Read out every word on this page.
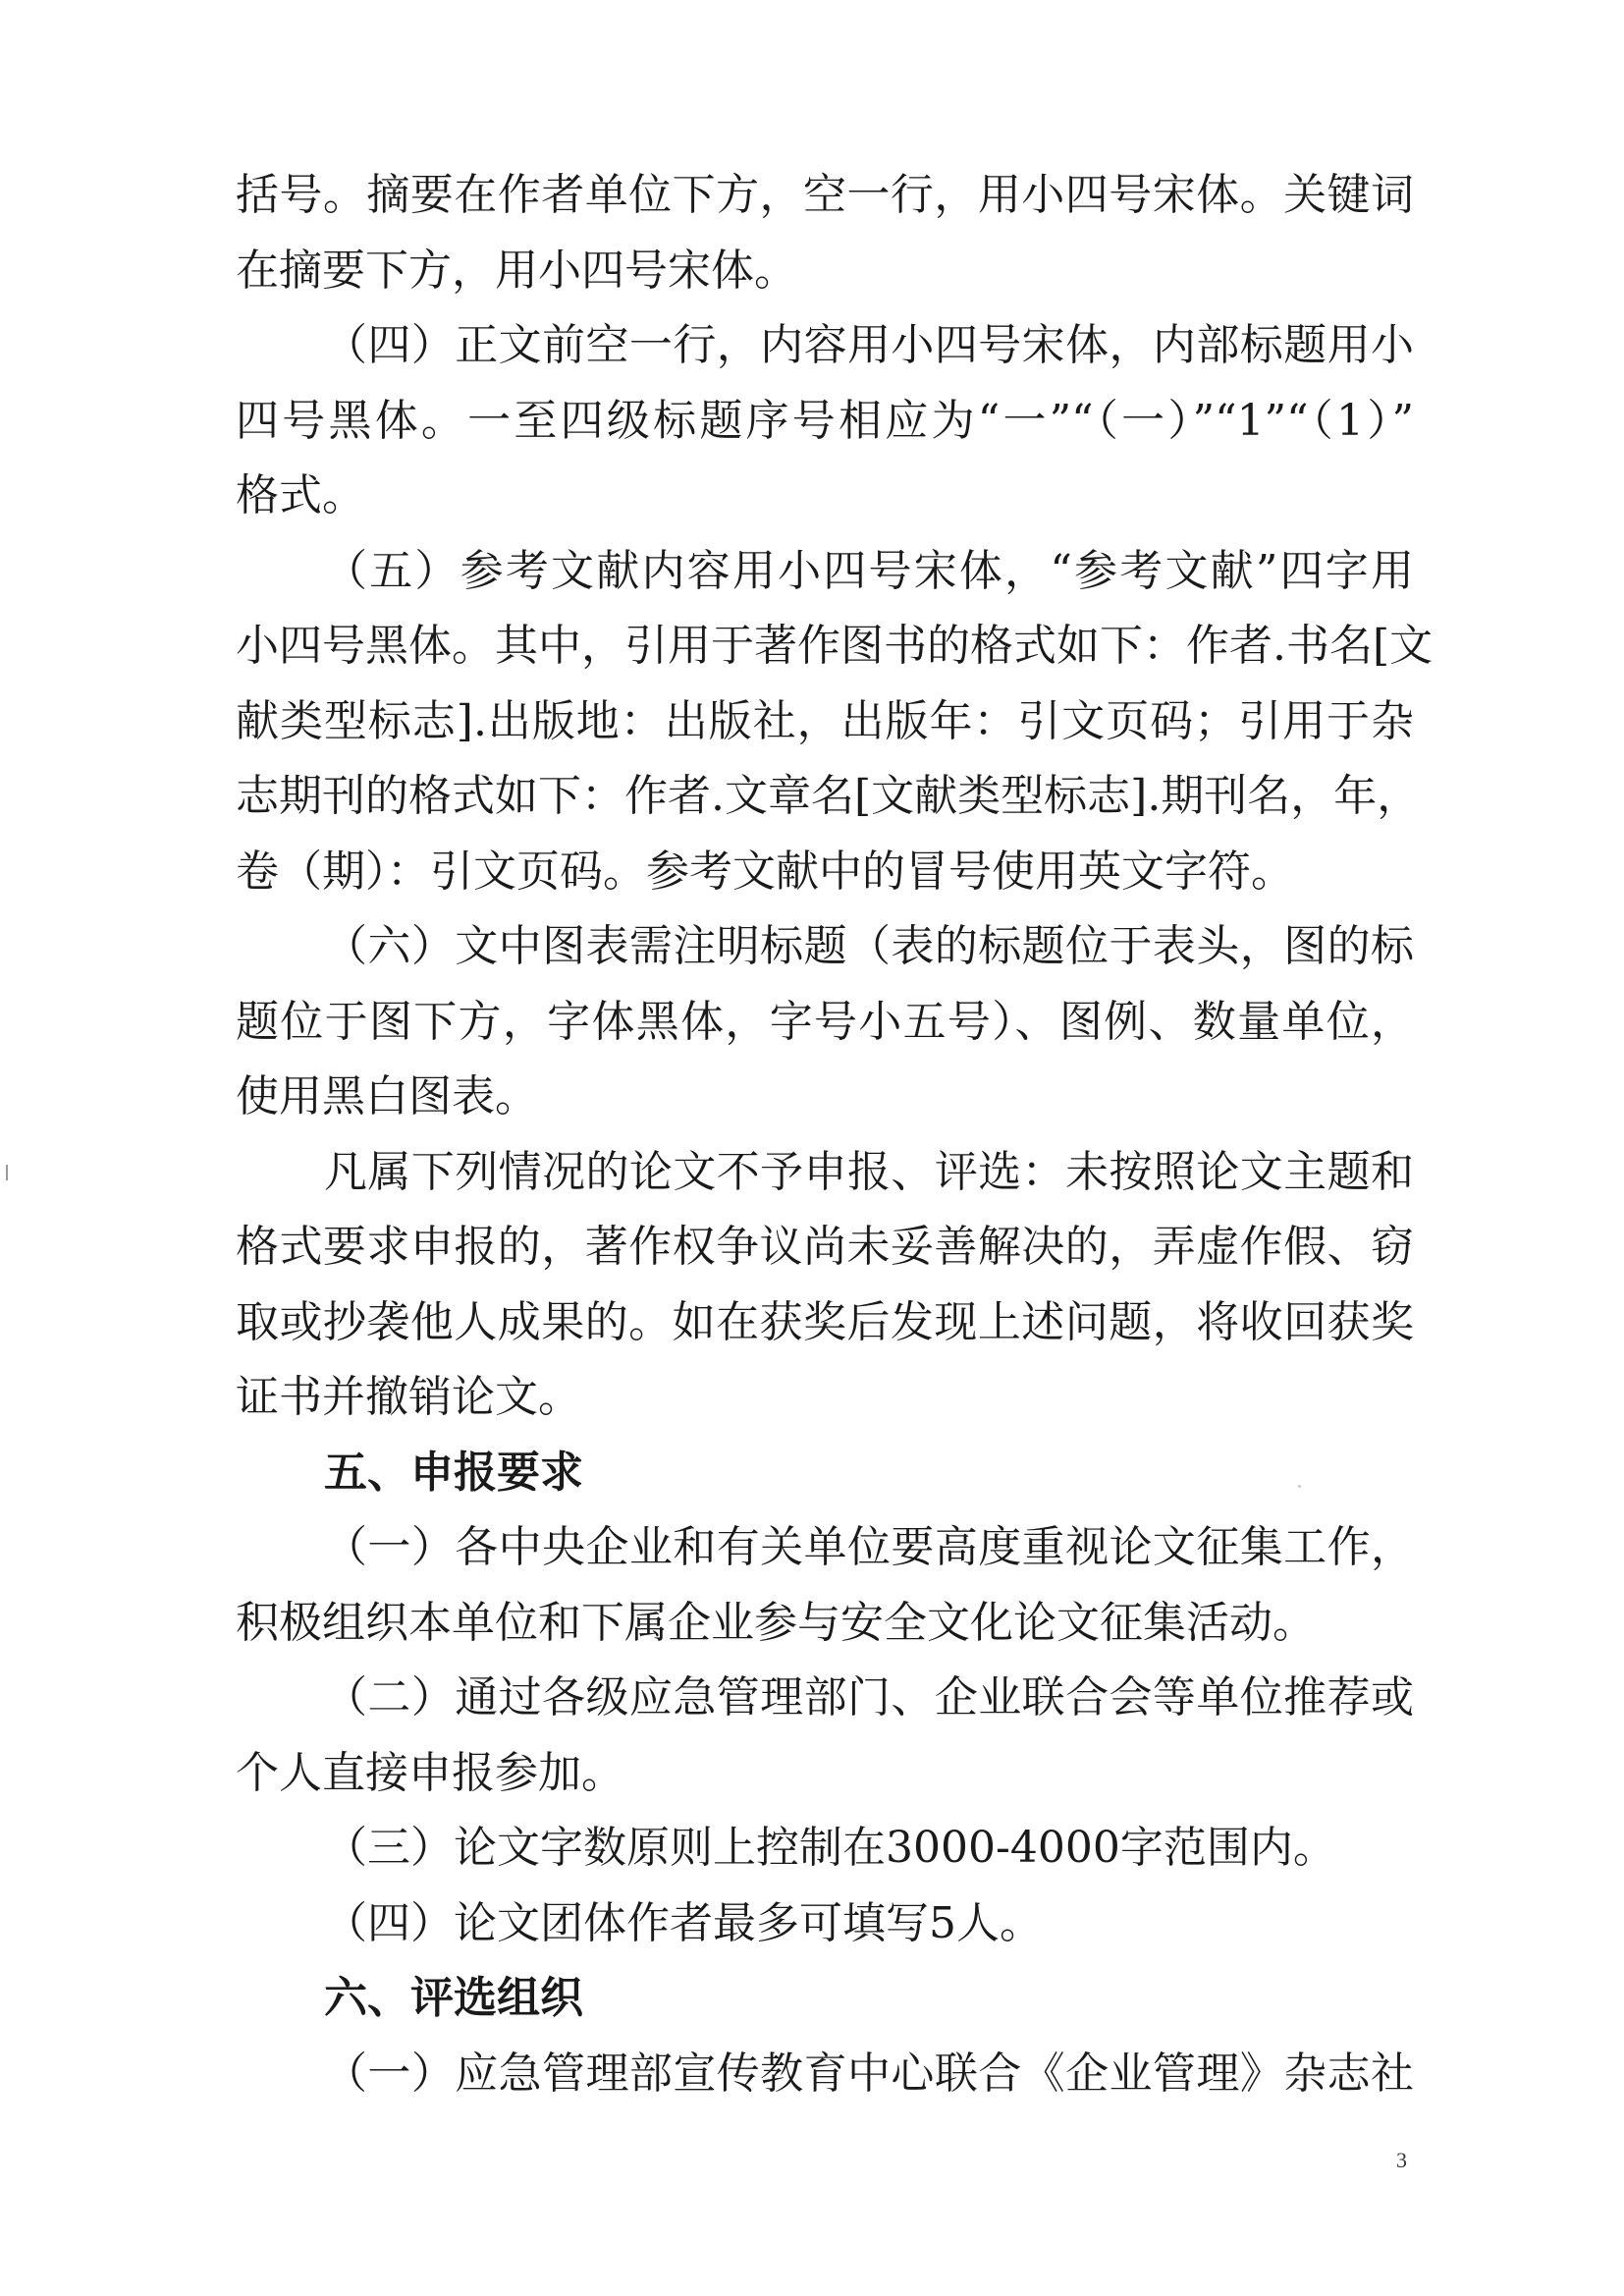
括号。摘要在作者单位下方，空一行，用小四号宋体。关键词
在摘要下方，用小四号宋体。
（四）正文前空一行，内容用小四号宋体，内部标题用小
四号黑体。一至四级标题序号相应为“一”“（一）”“1”“（1）”
格式。
（五）参考文献内容用小四号宋体，“参考文献”四字用
小四号黑体。其中，引用于著作图书的格式如下：作者.书名[文
献类型标志].出版地：出版社，出版年：引文页码；引用于杂
志期刊的格式如下：作者.文章名[文献类型标志].期刊名，年，
卷（期）：引文页码。参考文献中的冒号使用英文字符。
（六）文中图表需注明标题（表的标题位于表头，图的标
题位于图下方，字体黑体，字号小五号）、图例、数量单位，
使用黑白图表。
凡属下列情况的论文不予申报、评选：未按照论文主题和
格式要求申报的，著作权争议尚未妥善解决的，弄虚作假、窃
取或抄袭他人成果的。如在获奖后发现上述问题，将收回获奖
证书并撤销论文。
五、申报要求
（一）各中央企业和有关单位要高度重视论文征集工作，
积极组织本单位和下属企业参与安全文化论文征集活动。
（二）通过各级应急管理部门、企业联合会等单位推荐或
个人直接申报参加。
（三）论文字数原则上控制在3000-4000字范围内。
（四）论文团体作者最多可填写5人。
六、评选组织
（一）应急管理部宣传教育中心联合《企业管理》杂志社
3
